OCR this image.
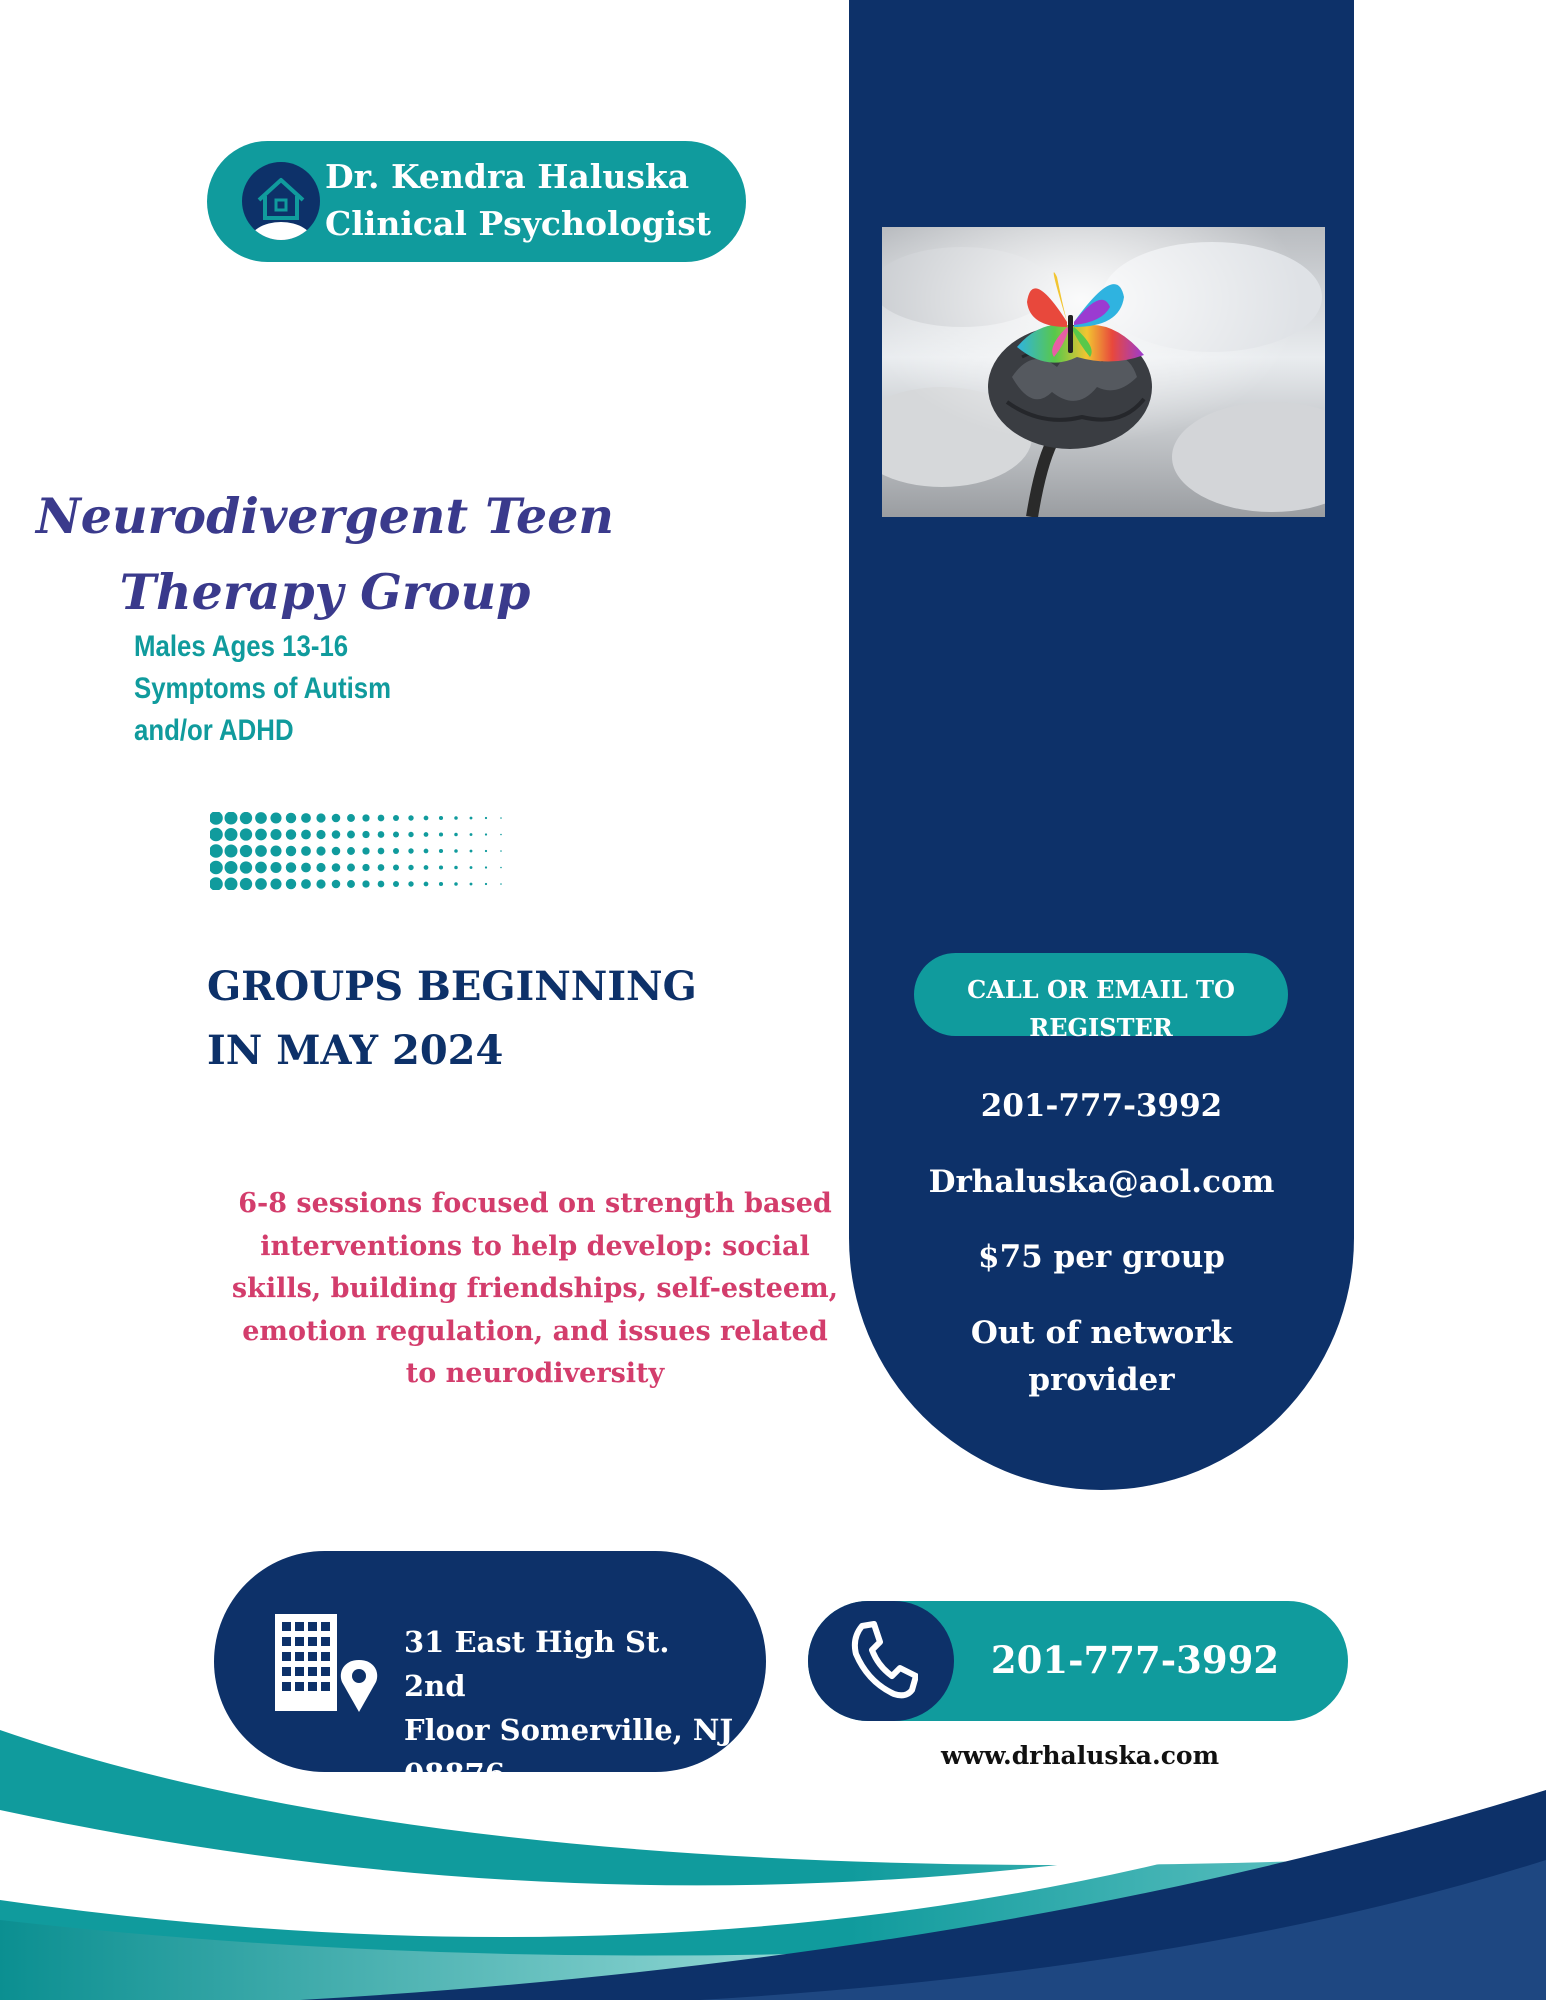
Dr. Kendra Haluska
Clinical Psychologist
Neurodivergent Teen
Therapy Group
Males Ages 13-16
Symptoms of Autism
and/or ADHD
GROUPS BEGINNING
IN MAY 2024
6-8 sessions focused on strength based interventions to help develop: social skills, building friendships, self-esteem, emotion regulation, and issues related to neurodiversity
CALL OR EMAIL TO
REGISTER
201-777-3992
Drhaluska@aol.com
$75 per group
Out of network
provider
31 East High St. 2nd
Floor Somerville, NJ
08876
201-777-3992
www.drhaluska.com
